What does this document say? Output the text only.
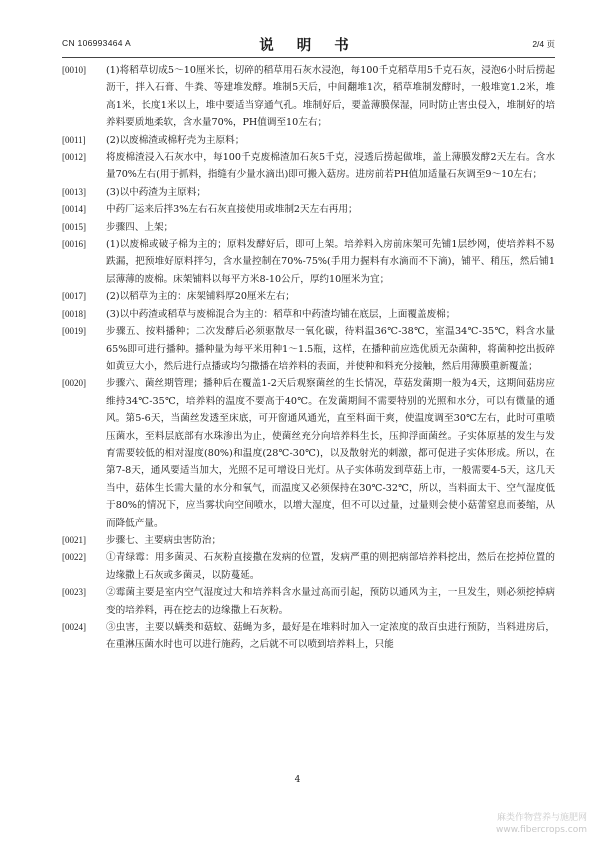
CN 106993464 A	说 明 书	2/4 页
[0010]	(1)将稻草切成5～10厘米长，切碎的稻草用石灰水浸泡，每100千克稻草用5千克石灰，浸泡6小时后捞起沥干，拌入石膏、牛粪、等建堆发酵。堆制5天后，中间翻堆1次，稻草堆制发酵时，一般堆宽1.2米，堆高1米，长度1米以上，堆中要适当穿通气孔。堆制好后，要盖薄膜保湿，同时防止害虫侵入，堆制好的培养料要质地柔软，含水量70%，PH值调至10左右；
[0011]	(2)以废棉渣或棉籽壳为主原料；
[0012]	将废棉渣浸入石灰水中，每100千克废棉渣加石灰5千克，浸透后捞起做堆，盖上薄膜发酵2天左右。含水量70%左右(用于抓料，指缝有少量水滴出)即可搬入菇房。进房前若PH值加适量石灰调至9～10左右；
[0013]	(3)以中药渣为主原料；
[0014]	中药厂运来后拌3%左右石灰直接使用或堆制2天左右再用；
[0015]	步骤四、上架；
[0016]	(1)以废棉或破子棉为主的；原料发酵好后，即可上架。培养料入房前床架可先铺1层纱网，使培养料不易跌漏，把预堆好原料拌匀，含水量控制在70%-75%(手用力握料有水滴而不下滴)，铺平、稍压，然后铺1层薄薄的废棉。床架铺料以每平方米8-10公斤，厚约10厘米为宜；
[0017]	(2)以稻草为主的：床架铺料厚20厘米左右；
[0018]	(3)以中药渣或稻草与废棉混合为主的：稻草和中药渣均铺在底层，上面覆盖废棉；
[0019]	步骤五、按料播种；二次发酵后必须驱散尽一氧化碳，待料温36℃-38℃，室温34℃-35℃，料含水量65%即可进行播种。播种量为每平米用种1～1.5瓶，这样，在播种前应选优质无杂菌种，将菌种挖出扳碎如黄豆大小，然后进行点播或均匀撒播在培养料的表面，并使种和料充分接触，然后用薄膜重新覆盖；
[0020]	步骤六、菌丝期管理；播种后在覆盖1-2天后观察菌丝的生长情况，草菇发菌期一般为4天，这期间菇房应维持34℃-35℃，培养料的温度不要高于40℃。在发菌期间不需要特别的光照和水分，可以有微量的通风。第5-6天，当菌丝发透至床底，可开窗通风通光，直至料面干爽，使温度调至30℃左右，此时可重喷压菌水，至料层底部有水珠渗出为止，使菌丝充分向培养料生长，压抑浮面菌丝。子实体原基的发生与发育需要较低的相对湿度(80%)和温度(28℃-30℃)，以及散射光的刺激，都可促进子实体形成。所以，在第7-8天，通风要适当加大，光照不足可增设日光灯。从子实体萌发到草菇上市，一般需要4-5天，这几天当中，菇体生长需大量的水分和氧气，而温度又必须保持在30℃-32℃，所以，当料面太干、空气湿度低于80%的情况下，应当雾状向空间喷水，以增大湿度，但不可以过量，过量则会使小菇蕾窒息而萎缩，从而降低产量。
[0021]	步骤七、主要病虫害防治；
[0022]	①青绿霉：用多菌灵、石灰粉直接撒在发病的位置，发病严重的则把病部培养料挖出，然后在挖掉位置的边缘撒上石灰或多菌灵，以防蔓延。
[0023]	②霉菌主要是室内空气湿度过大和培养料含水量过高而引起，预防以通风为主，一旦发生，则必须挖掉病变的培养料，再在挖去的边缘撒上石灰粉。
[0024]	③虫害，主要以螨类和菇蚊、菇蝇为多，最好是在堆料时加入一定浓度的敌百虫进行预防，当料进房后，在重淋压菌水时也可以进行施药，之后就不可以喷到培养料上，只能
4
麻类作物营养与施肥网
www.fibercrops.com
